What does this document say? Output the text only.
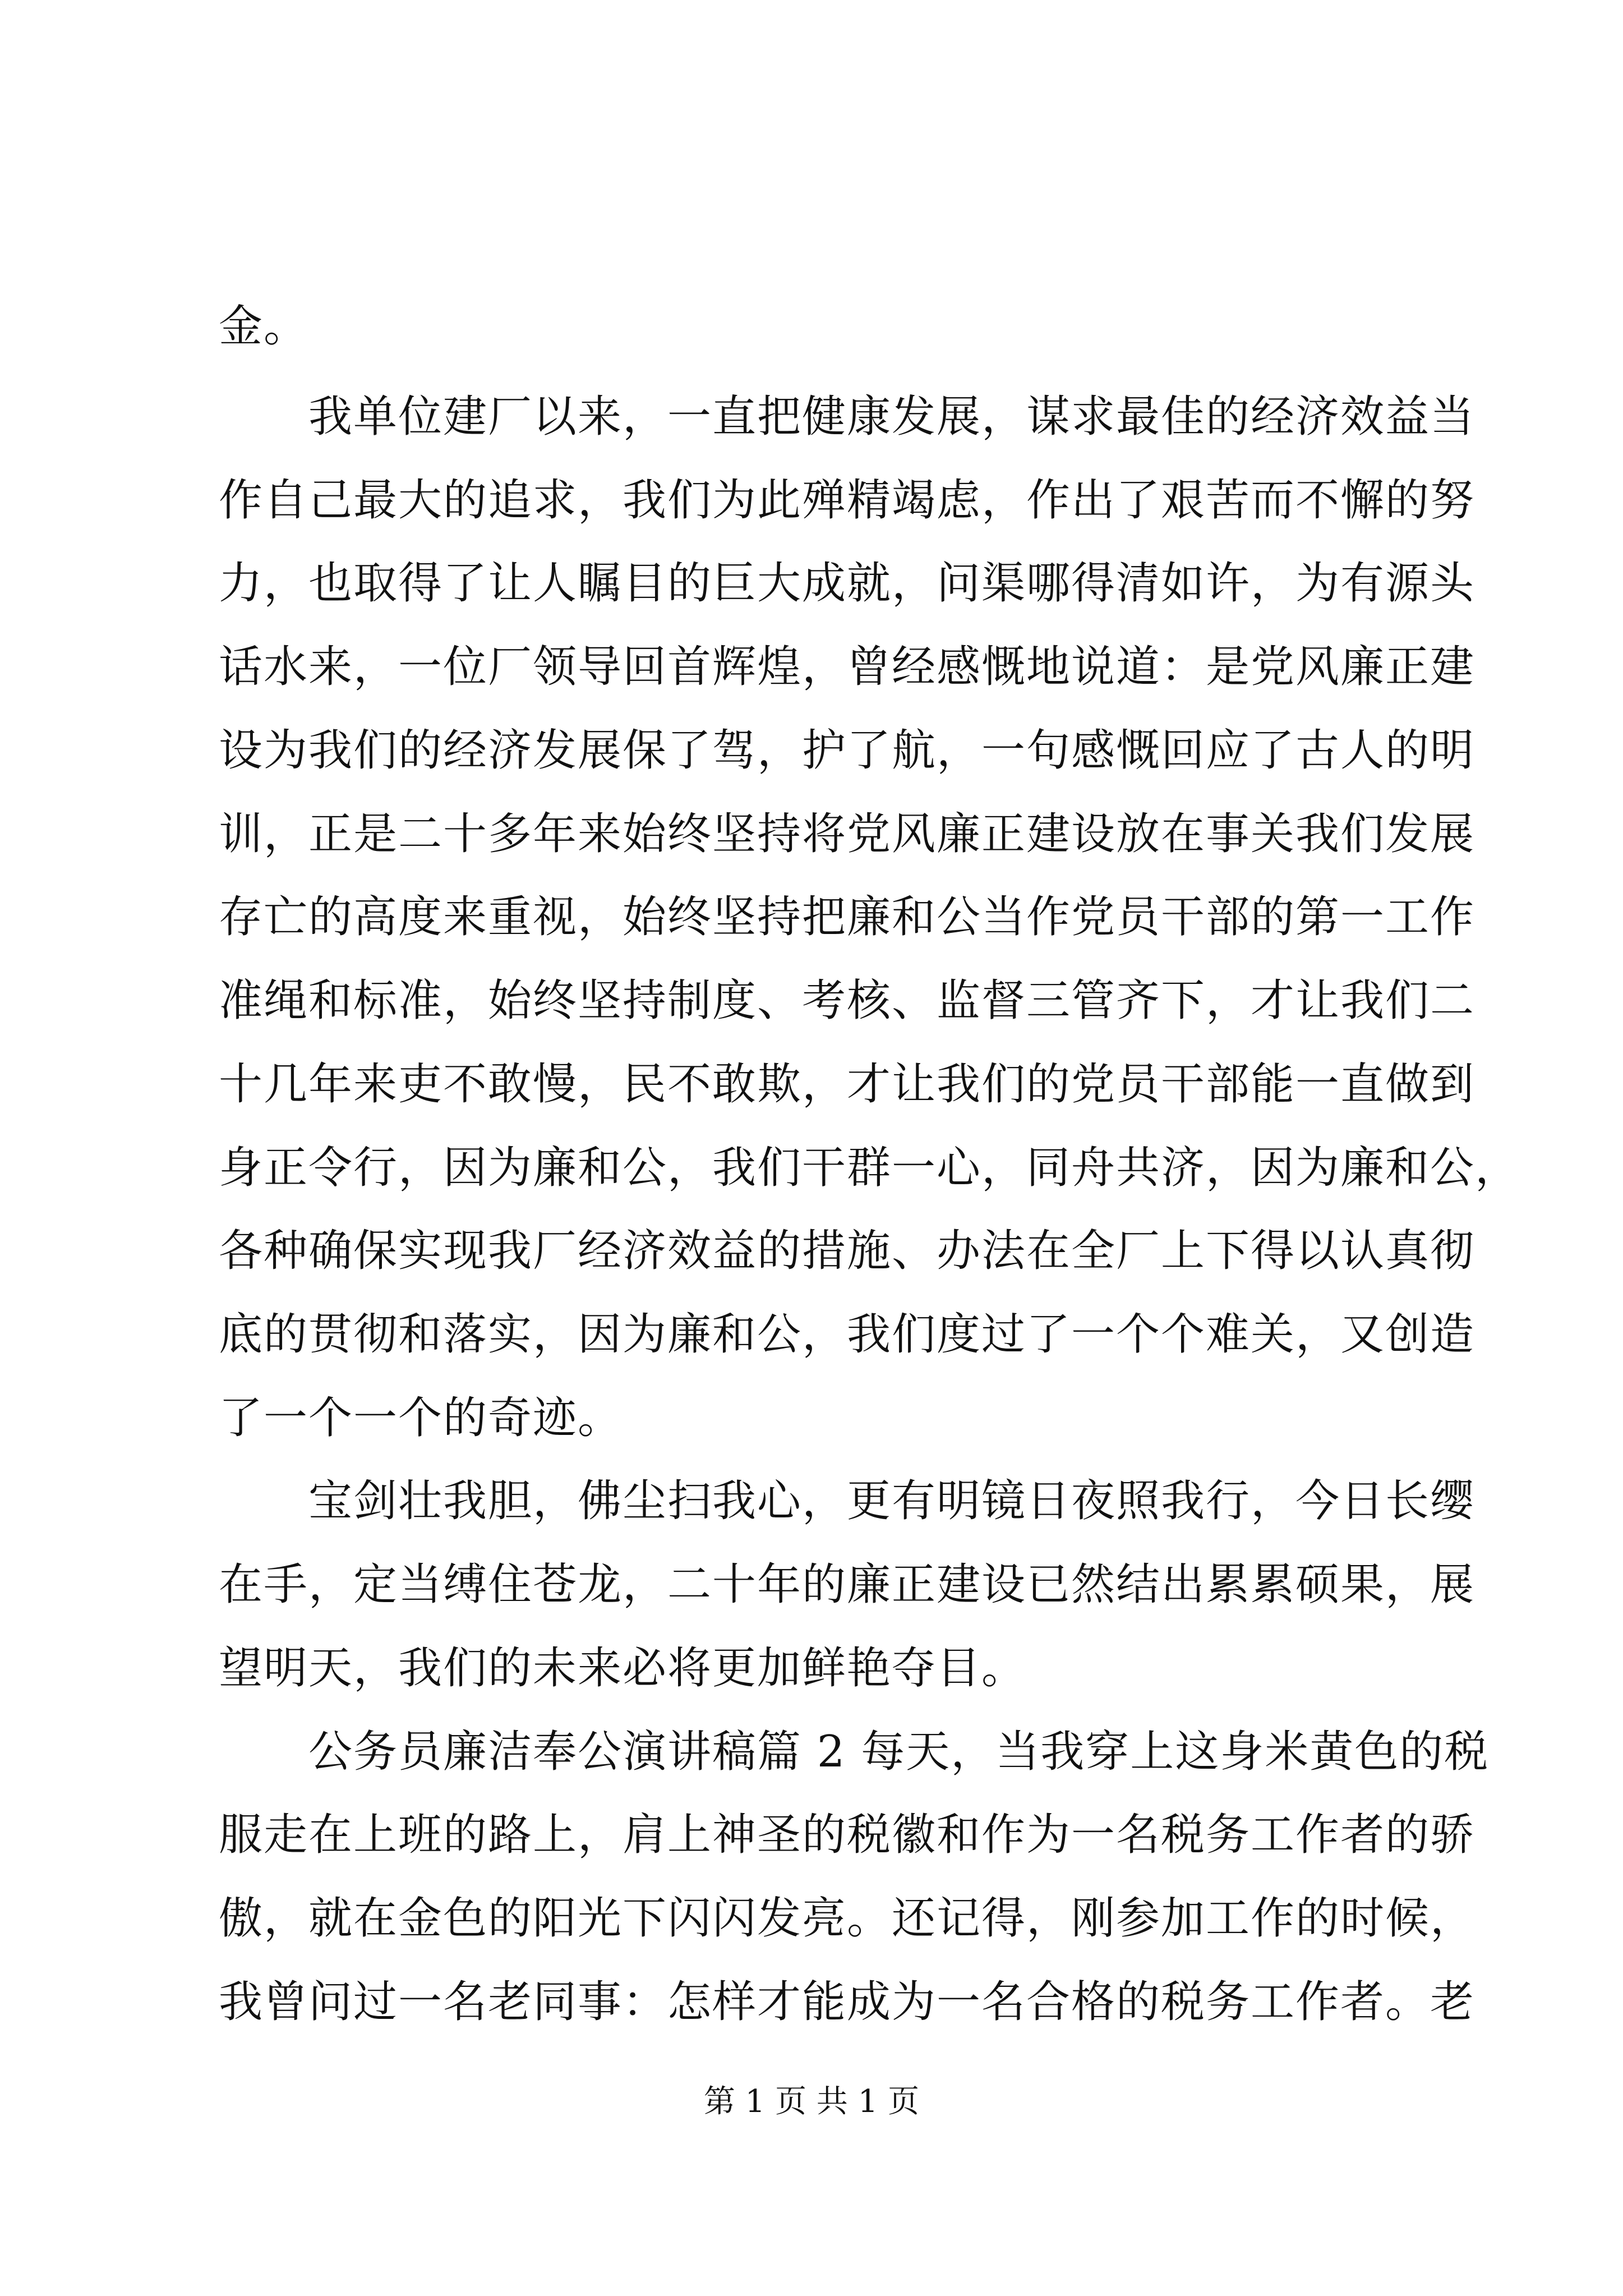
金。
　　我单位建厂以来，一直把健康发展，谋求最佳的经济效益当
作自己最大的追求，我们为此殚精竭虑，作出了艰苦而不懈的努
力，也取得了让人瞩目的巨大成就，问渠哪得清如许，为有源头
话水来，一位厂领导回首辉煌，曾经感慨地说道：是党风廉正建
设为我们的经济发展保了驾，护了航，一句感慨回应了古人的明
训，正是二十多年来始终坚持将党风廉正建设放在事关我们发展
存亡的高度来重视，始终坚持把廉和公当作党员干部的第一工作
准绳和标准，始终坚持制度、考核、监督三管齐下，才让我们二
十几年来吏不敢慢，民不敢欺，才让我们的党员干部能一直做到
身正令行，因为廉和公，我们干群一心，同舟共济，因为廉和公，
各种确保实现我厂经济效益的措施、办法在全厂上下得以认真彻
底的贯彻和落实，因为廉和公，我们度过了一个个难关，又创造
了一个一个的奇迹。
　　宝剑壮我胆，佛尘扫我心，更有明镜日夜照我行，今日长缨
在手，定当缚住苍龙，二十年的廉正建设已然结出累累硕果，展
望明天，我们的未来必将更加鲜艳夺目。
　　公务员廉洁奉公演讲稿篇 2 每天，当我穿上这身米黄色的税
服走在上班的路上，肩上神圣的税徽和作为一名税务工作者的骄
傲，就在金色的阳光下闪闪发亮。还记得，刚参加工作的时候，
我曾问过一名老同事：怎样才能成为一名合格的税务工作者。老
第 1 页 共 1 页
